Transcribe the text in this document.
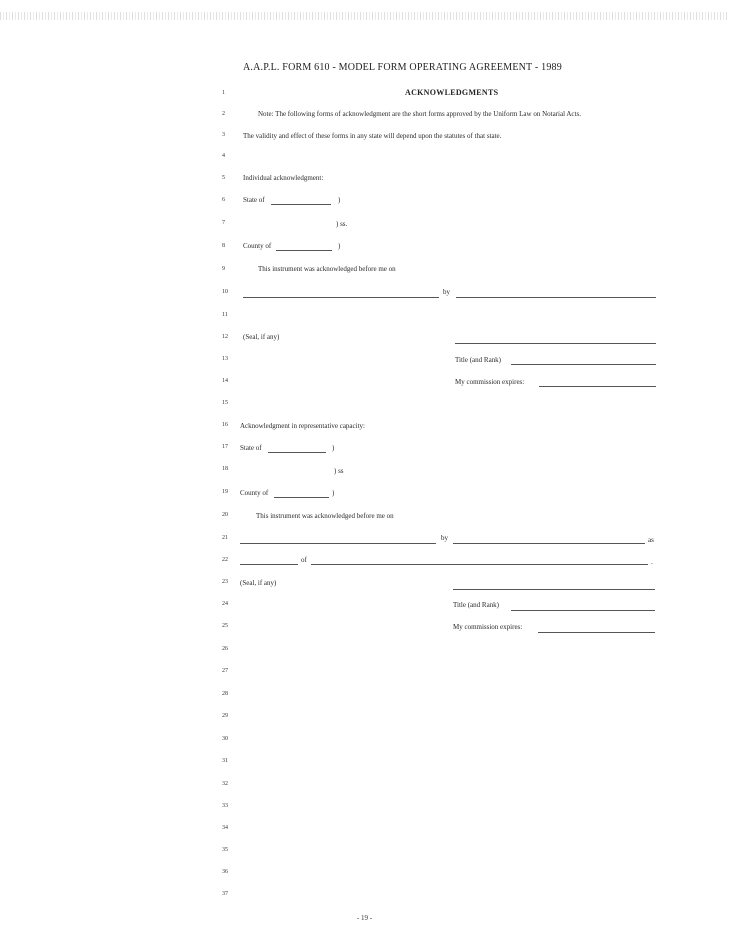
A.A.P.L. FORM 610 - MODEL FORM OPERATING AGREEMENT - 1989
ACKNOWLEDGMENTS
1
2
3
4
5
6
7
8
9
10
11
12
13
14
15
16
17
18
19
20
21
22
23
24
25
26
27
28
29
30
31
32
33
34
35
36
37
Note: The following forms of acknowledgment are the short forms approved by the Uniform Law on Notarial Acts.
The validity and effect of these forms in any state will depend upon the statutes of that state.
Individual acknowledgment:
State of	)
) ss.
County of	)
This instrument was acknowledged before me on
by
(Seal, if any)
Title (and Rank)
My commission expires:
Acknowledgment in representative capacity:
State of	)
) ss
County of	)
This instrument was acknowledged before me on
by	as
of	.
(Seal, if any)
Title (and Rank)
My commission expires:
- 19 -
